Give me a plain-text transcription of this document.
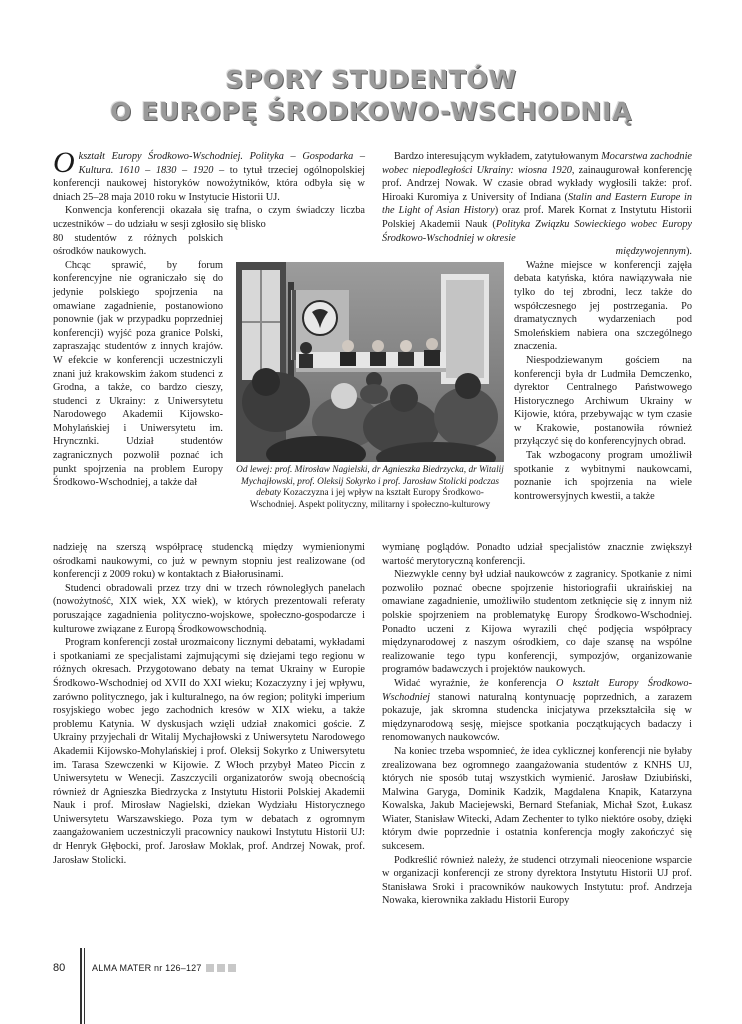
SPORY STUDENTÓW
O EUROPĘ ŚRODKOWO-WSCHODNIĄ

Okształt Europy Środkowo-Wschodniej. Polityka – Gospodarka – Kultura. 1610 – 1830 – 1920 – to tytuł trzeciej ogólnopolskiej konferencji naukowej historyków nowożytników, która odbyła się w dniach 25–28 maja 2010 roku w Instytucie Historii UJ.

Konwencja konferencji okazała się trafna, o czym świadczy liczba uczestników – do udziału w sesji zgłosiło się blisko

80 studentów z różnych polskich ośrodków naukowych.

Chcąc sprawić, by forum konferencyjne nie ograniczało się do jedynie polskiego spojrzenia na omawiane zagadnienie, postanowiono ponownie (jak w przypadku poprzedniej konferencji) wyjść poza granice Polski, zapraszając studentów z innych krajów. W efekcie w konferencji uczestniczyli znani już krakowskim żakom studenci z Grodna, a także, co bardzo cieszy, studenci z Ukrainy: z Uniwersytetu Narodowego Akademii Kijowsko-Mohylańskiej i Uniwersytetu im. Hryncznki. Udział studentów zagranicznych pozwolił poznać ich punkt spojrzenia na problem Europy Środkowo-Wschodniej, a także dał

Bardzo interesującym wykładem, zatytułowanym Mocarstwa zachodnie wobec niepodległości Ukrainy: wiosna 1920, zainaugurował konferencję prof. Andrzej Nowak. W czasie obrad wykłady wygłosili także: prof. Hiroaki Kuromiya z University of Indiana (Stalin and Eastern Europe in the Light of Asian History) oraz prof. Marek Kornat z Instytutu Historii Polskiej Akademii Nauk (Polityka Związku Sowieckiego wobec Europy Środkowo-Wschodniej w okresie

międzywojennym).

Ważne miejsce w konferencji zajęła debata katyńska, która nawiązywała nie tylko do tej zbrodni, lecz także do współczesnego jej postrzegania. Po dramatycznych wydarzeniach pod Smoleńskiem nabiera ona szczególnego znaczenia.

Niespodziewanym gościem na konferencji była dr Ludmiła Demczenko, dyrektor Centralnego Państwowego Historycznego Archiwum Ukrainy w Kijowie, która, przebywając w tym czasie w Krakowie, postanowiła również przyłączyć się do konferencyjnych obrad.

Tak wzbogacony program umożliwił spotkanie z wybitnymi naukowcami, poznanie ich spojrzenia na wiele kontrowersyjnych kwestii, a także

Od lewej: prof. Mirosław Nagielski, dr Agnieszka Biedrzycka, dr Witalij Mychajłowski, prof. Oleksij Sokyrko i prof. Jarosław Stolicki podczas debaty Kozaczyzna i jej wpływ na kształt Europy Środkowo-Wschodniej. Aspekt polityczny, militarny i społeczno-kulturowy

nadzieję na szerszą współpracę studencką między wymienionymi ośrodkami naukowymi, co już w pewnym stopniu jest realizowane (od konferencji z 2009 roku) w kontaktach z Białorusinami.

Studenci obradowali przez trzy dni w trzech równoległych panelach (nowożytność, XIX wiek, XX wiek), w których prezentowali referaty poruszające zagadnienia polityczno-wojskowe, społeczno-gospodarcze i kulturowe związane z Europą Środkowowschodnią.

Program konferencji został urozmaicony licznymi debatami, wykładami i spotkaniami ze specjalistami zajmującymi się dziejami tego regionu w różnych okresach. Przygotowano debaty na temat Ukrainy w Europie Środkowo-Wschodniej od XVII do XXI wieku; Kozaczyzny i jej wpływu, zarówno politycznego, jak i kulturalnego, na ów region; polityki imperium rosyjskiego wobec jego zachodnich kresów w XIX wieku, a także problemu Katynia. W dyskusjach wzięli udział znakomici goście. Z Ukrainy przyjechali dr Witalij Mychajłowski z Uniwersytetu Narodowego Akademii Kijowsko-Mohylańskiej i prof. Oleksij Sokyrko z Uniwersytetu im. Tarasa Szewczenki w Kijowie. Z Włoch przybył Mateo Piccin z Uniwersytetu w Wenecji. Zaszczycili organizatorów swoją obecnością również dr Agnieszka Biedrzycka z Instytutu Historii Polskiej Akademii Nauk i prof. Mirosław Nagielski, dziekan Wydziału Historycznego Uniwersytetu Warszawskiego. Poza tym w debatach z ogromnym zaangażowaniem uczestniczyli pracownicy naukowi Instytutu Historii UJ: dr Henryk Głębocki, prof. Jarosław Moklak, prof. Andrzej Nowak, prof. Jarosław Stolicki.

wymianę poglądów. Ponadto udział specjalistów znacznie zwiększył wartość merytoryczną konferencji.

Niezwykle cenny był udział naukowców z zagranicy. Spotkanie z nimi pozwoliło poznać obecne spojrzenie historiografii ukraińskiej na omawiane zagadnienie, umożliwiło studentom zetknięcie się z innym niż polskie spojrzeniem na problematykę Europy Środkowo-Wschodniej. Ponadto uczeni z Kijowa wyrazili chęć podjęcia współpracy międzynarodowej z naszym ośrodkiem, co daje szansę na wspólne realizowanie tego typu konferencji, sympozjów, organizowanie programów badawczych i projektów naukowych.

Widać wyraźnie, że konferencja O kształt Europy Środkowo-Wschodniej stanowi naturalną kontynuację poprzednich, a zarazem pokazuje, jak skromna studencka inicjatywa przekształciła się w międzynarodową sesję, miejsce spotkania początkujących badaczy i renomowanych naukowców.

Na koniec trzeba wspomnieć, że idea cyklicznej konferencji nie byłaby zrealizowana bez ogromnego zaangażowania studentów z KNHS UJ, których nie sposób tutaj wszystkich wymienić. Jarosław Dziubiński, Malwina Garyga, Dominik Kadzik, Magdalena Knapik, Katarzyna Kowalska, Jakub Maciejewski, Bernard Stefaniak, Michał Szot, Łukasz Wiater, Stanisław Witecki, Adam Zechenter to tylko niektóre osoby, dzięki którym dwie poprzednie i ostatnia konferencja mogły zakończyć się sukcesem.

Podkreślić również należy, że studenci otrzymali nieocenione wsparcie w organizacji konferencji ze strony dyrektora Instytutu Historii UJ prof. Stanisława Sroki i pracowników naukowych Instytutu: prof. Andrzeja Nowaka, kierownika zakładu Historii Europy

80	ALMA MATER nr 126–127
